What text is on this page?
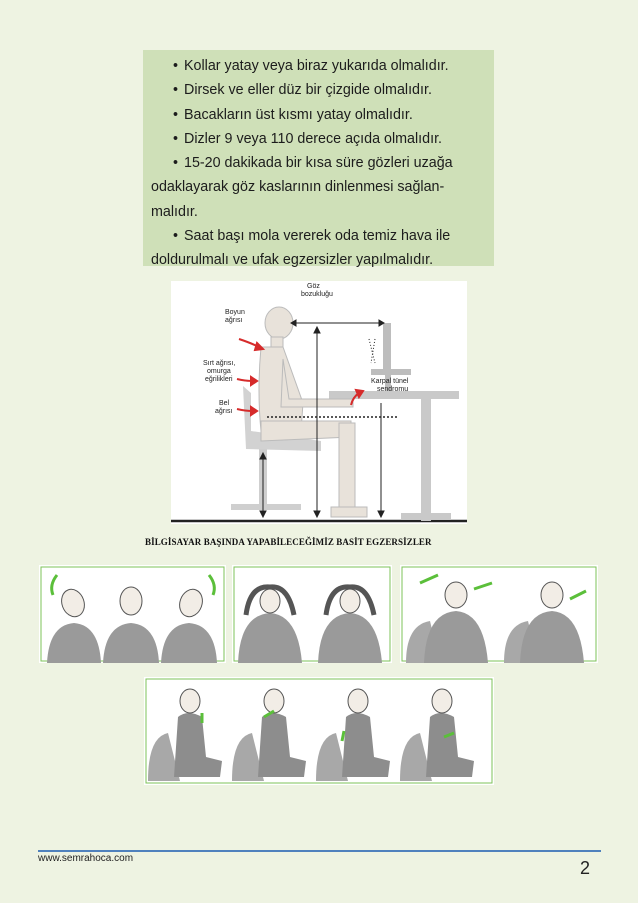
• Kollar yatay veya biraz yukarıda olmalıdır.
• Dirsek ve eller düz bir çizgide olmalıdır.
• Bacakların üst kısmı yatay olmalıdır.
• Dizler 9 veya 110 derece açıda olmalıdır.
• 15-20 dakikada bir kısa süre gözleri uzağa
odaklayarak göz kaslarının dinlenmesi sağlan-
malıdır.
• Saat başı mola vererek oda temiz hava ile
doldurulmalı ve ufak egzersizler yapılmalıdır.
Göz
bozukluğu
Boyun
ağrısı
Sırt ağrısı,
omurga
eğrilikleri
Bel
ağrısı
Karpal tünel
sendromu
BİLGİSAYAR BAŞINDA YAPABİLECEĞİMİZ BASİT EGZERSİZLER
www.semrahoca.com	2
